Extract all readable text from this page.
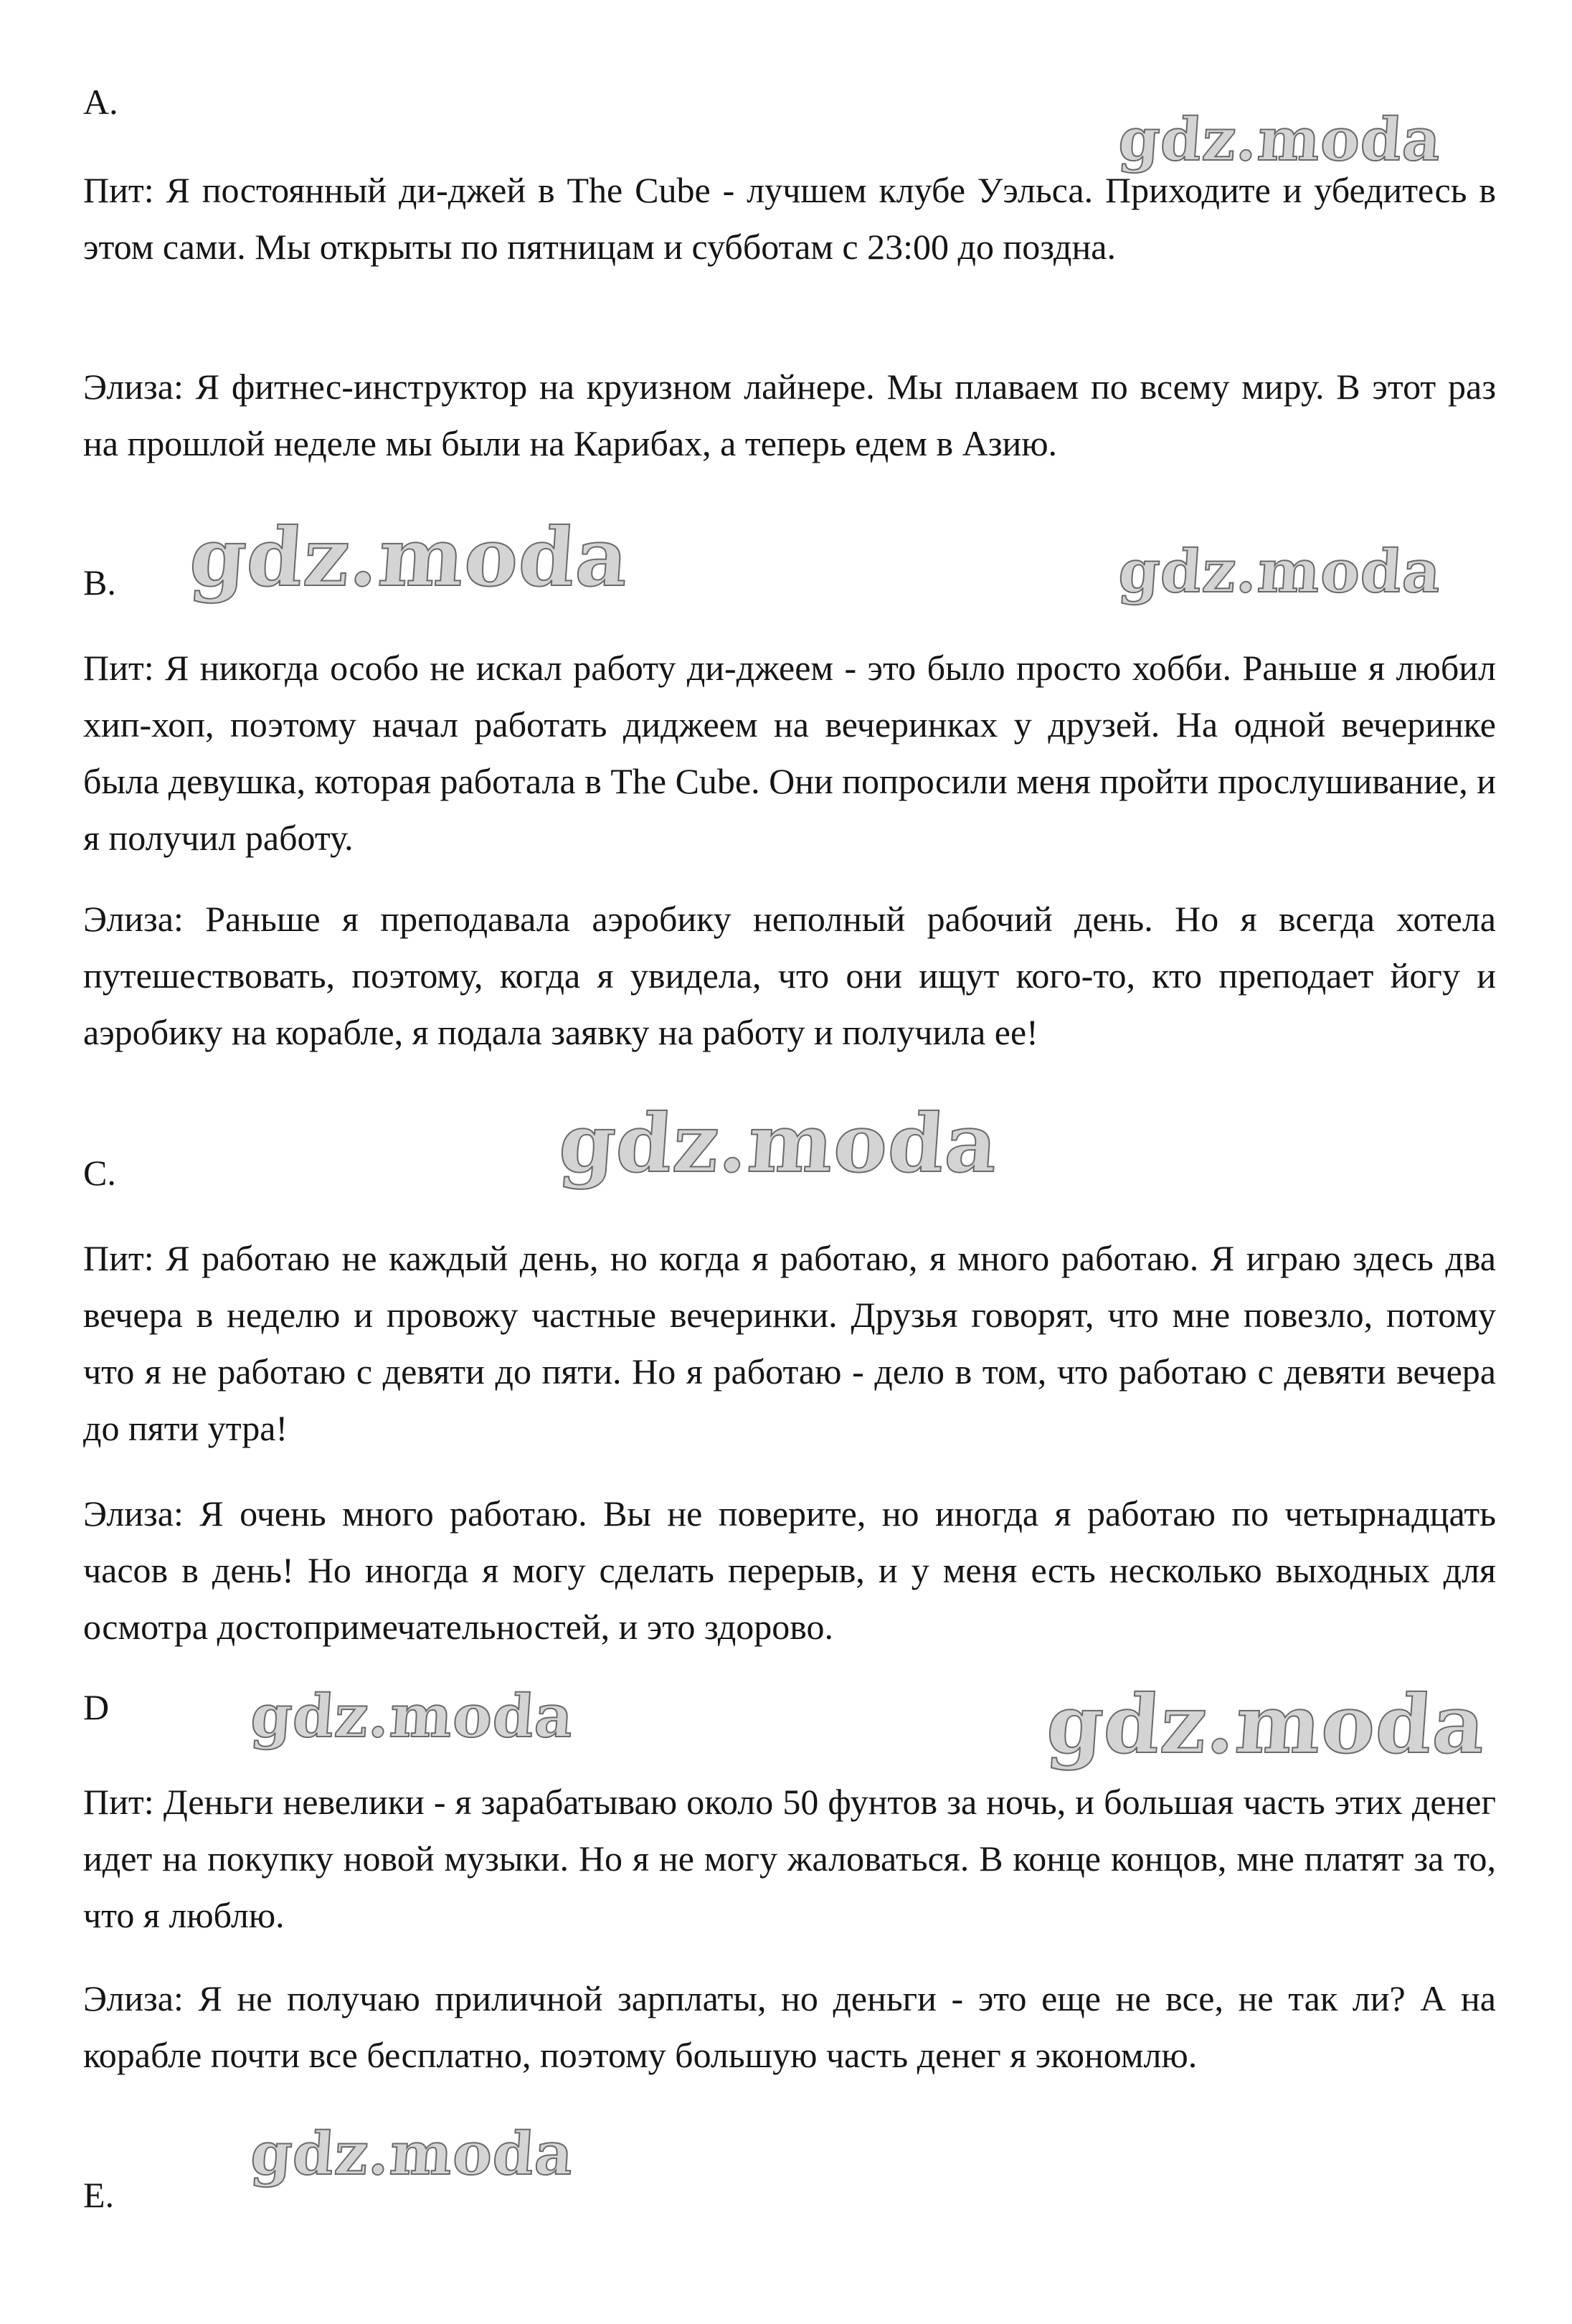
A.

Пит: Я постоянный ди-джей в The Cube - лучшем клубе Уэльса. Приходите и убедитесь в этом сами. Мы открыты по пятницам и субботам с 23:00 до поздна.

Элиза: Я фитнес-инструктор на круизном лайнере. Мы плаваем по всему миру. В этот раз на прошлой неделе мы были на Карибах, а теперь едем в Азию.

B.

Пит: Я никогда особо не искал работу ди-джеем - это было просто хобби. Раньше я любил хип-хоп, поэтому начал работать диджеем на вечеринках у друзей. На одной вечеринке была девушка, которая работала в The Cube. Они попросили меня пройти прослушивание, и я получил работу.

Элиза: Раньше я преподавала аэробику неполный рабочий день. Но я всегда хотела путешествовать, поэтому, когда я увидела, что они ищут кого-то, кто преподает йогу и аэробику на корабле, я подала заявку на работу и получила ее!

C.

Пит: Я работаю не каждый день, но когда я работаю, я много работаю. Я играю здесь два вечера в неделю и провожу частные вечеринки. Друзья говорят, что мне повезло, потому что я не работаю с девяти до пяти. Но я работаю - дело в том, что работаю с девяти вечера до пяти утра!

Элиза: Я очень много работаю. Вы не поверите, но иногда я работаю по четырнадцать часов в день! Но иногда я могу сделать перерыв, и у меня есть несколько выходных для осмотра достопримечательностей, и это здорово.

D

Пит: Деньги невелики - я зарабатываю около 50 фунтов за ночь, и большая часть этих денег идет на покупку новой музыки. Но я не могу жаловаться. В конце концов, мне платят за то, что я люблю.

Элиза: Я не получаю приличной зарплаты, но деньги - это еще не все, не так ли? А на корабле почти все бесплатно, поэтому большую часть денег я экономлю.

E.

gdz.moda
gdz.moda	gdz.moda
gdz.moda
gdz.moda	gdz.moda
gdz.moda
